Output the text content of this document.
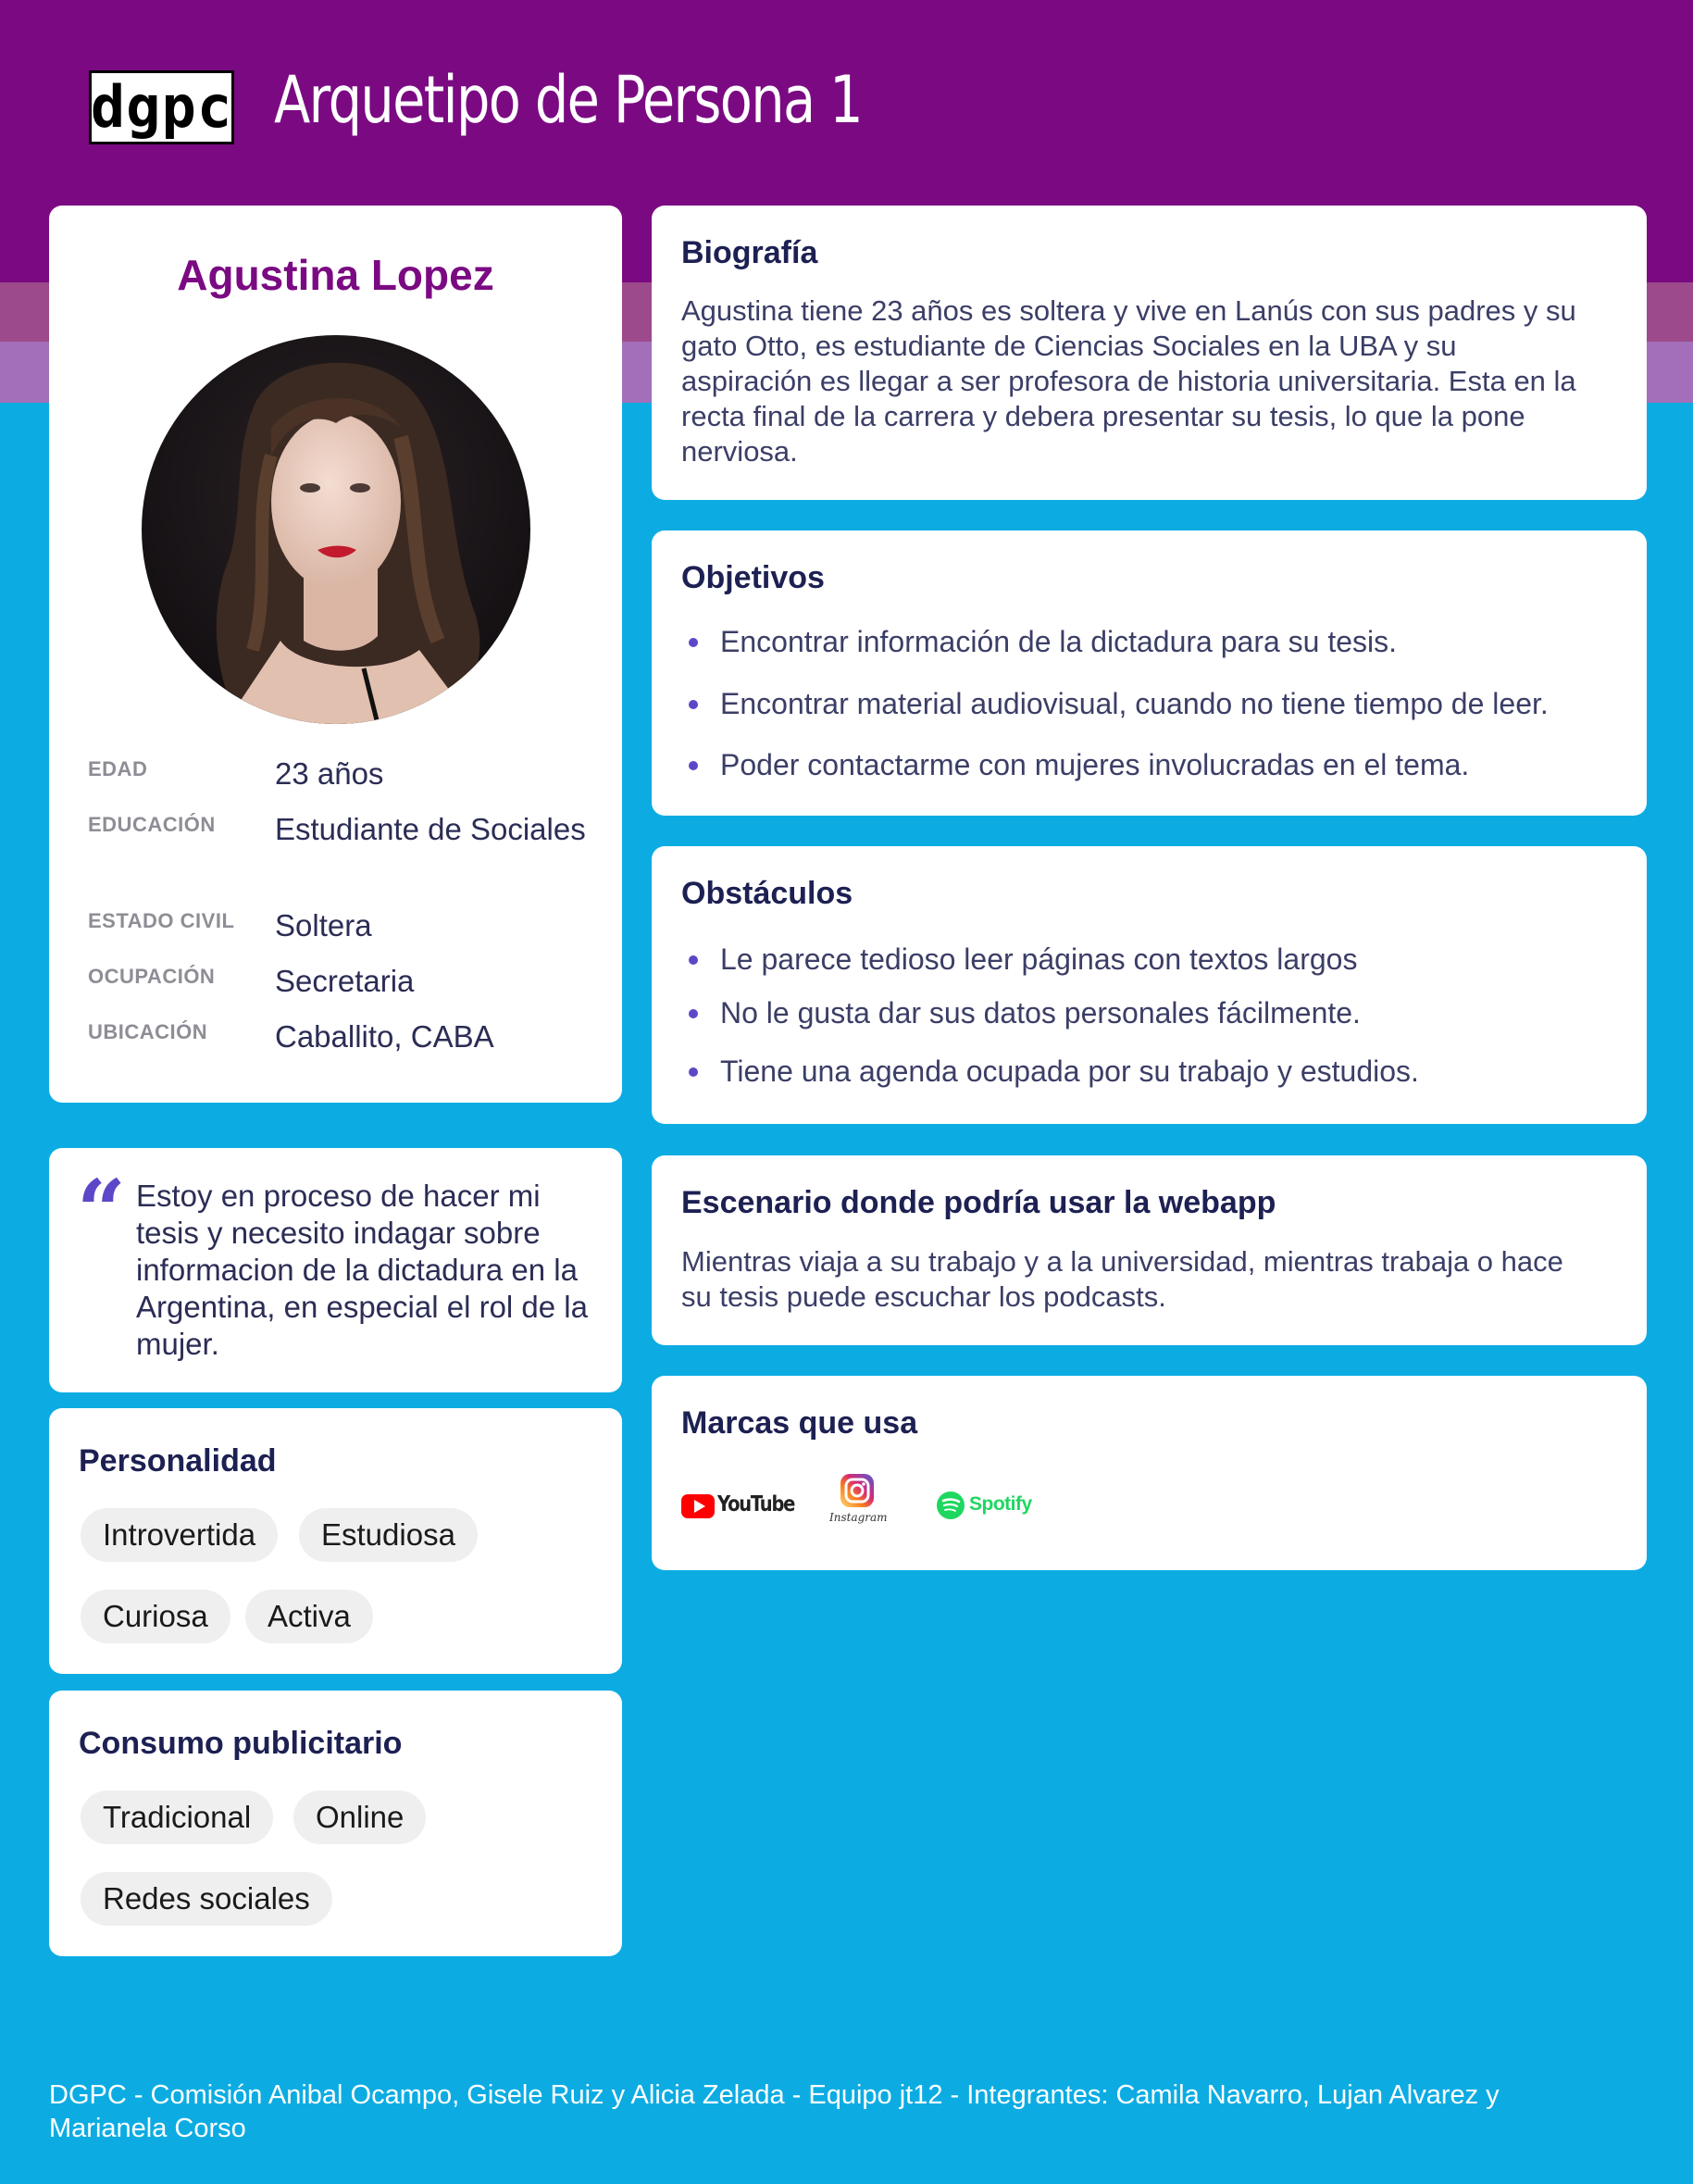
dgpc Arquetipo de Persona 1
Agustina Lopez
EDAD	23 años
EDUCACIÓN Estudiante de Sociales
ESTADO CIVIL Soltera
OCUPACIÓN Secretaria
UBICACIÓN Caballito, CABA
“ Estoy en proceso de hacer mi tesis y necesito indagar sobre informacion de la dictadura en la Argentina, en especial el rol de la mujer.
Personalidad
Introvertida	Estudiosa
Curiosa	Activa
Consumo publicitario
Tradicional	Online
Redes sociales
Biografía
Agustina tiene 23 años es soltera y vive en Lanús con sus padres y su gato Otto, es estudiante de Ciencias Sociales en la UBA y su aspiración es llegar a ser profesora de historia universitaria. Esta en la recta final de la carrera y debera presentar su tesis, lo que la pone nerviosa.
Objetivos
Encontrar información de la dictadura para su tesis.
Encontrar material audiovisual, cuando no tiene tiempo de leer.
Poder contactarme con mujeres involucradas en el tema.
Obstáculos
Le parece tedioso leer páginas con textos largos
No le gusta dar sus datos personales fácilmente.
Tiene una agenda ocupada por su trabajo y estudios.
Escenario donde podría usar la webapp
Mientras viaja a su trabajo y a la universidad, mientras trabaja o hace su tesis puede escuchar los podcasts.
Marcas que usa
YouTube
Instagram
Spotify
DGPC - Comisión Anibal Ocampo, Gisele Ruiz y Alicia Zelada - Equipo jt12 - Integrantes: Camila Navarro, Lujan Alvarez y Marianela Corso
